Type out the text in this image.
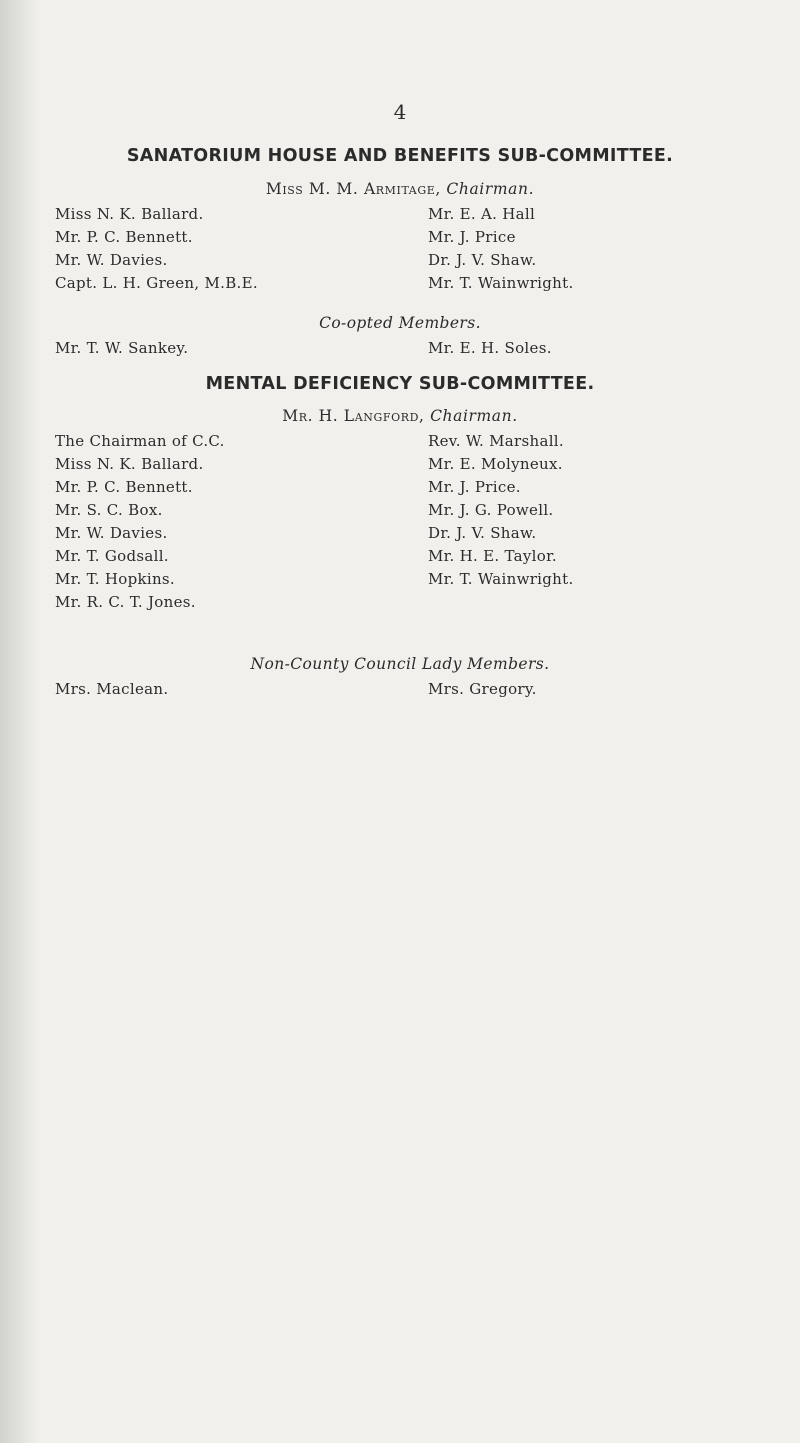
4
SANATORIUM HOUSE AND BENEFITS SUB-COMMITTEE.
Miss M. M. Armitage, Chairman.
Miss N. K. Ballard.
Mr. P. C. Bennett.
Mr. W. Davies.
Capt. L. H. Green, M.B.E.
Mr. E. A. Hall
Mr. J. Price
Dr. J. V. Shaw.
Mr. T. Wainwright.
Co-opted Members.
Mr. T. W. Sankey.	Mr. E. H. Soles.
MENTAL DEFICIENCY SUB-COMMITTEE.
Mr. H. Langford, Chairman.
The Chairman of C.C.
Miss N. K. Ballard.
Mr. P. C. Bennett.
Mr. S. C. Box.
Mr. W. Davies.
Mr. T. Godsall.
Mr. T. Hopkins.
Mr. R. C. T. Jones.
Rev. W. Marshall.
Mr. E. Molyneux.
Mr. J. Price.
Mr. J. G. Powell.
Dr. J. V. Shaw.
Mr. H. E. Taylor.
Mr. T. Wainwright.
Non-County Council Lady Members.
Mrs. Maclean.	Mrs. Gregory.
